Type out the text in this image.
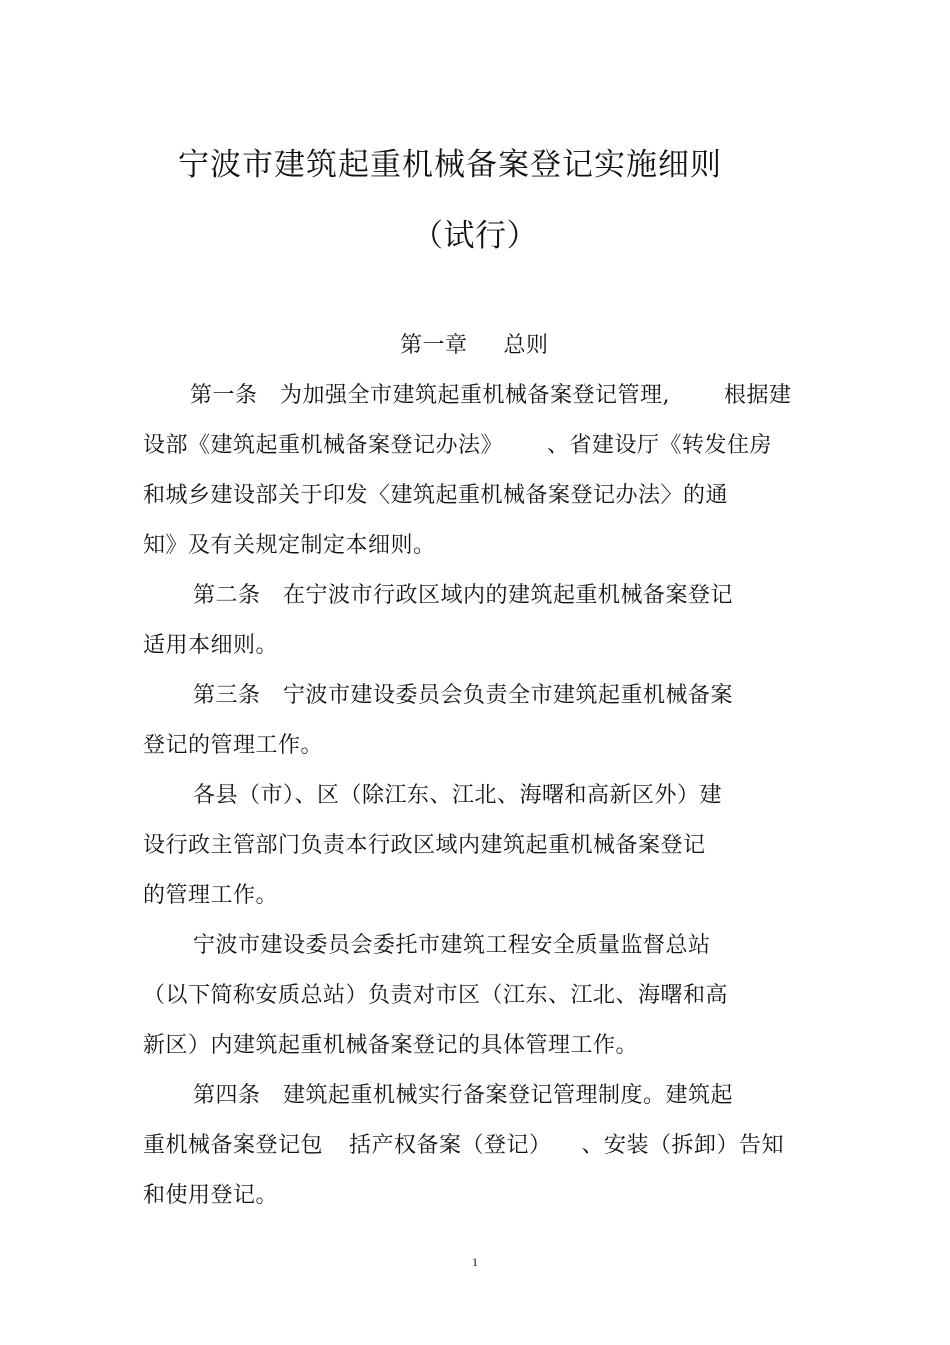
宁波市建筑起重机械备案登记实施细则
（试行）
第一章 总则
第一条　为加强全市建筑起重机械备案登记管理, 根据建
设部《建筑起重机械备案登记办法》 、省建设厅《转发住房
和城乡建设部关于印发〈建筑起重机械备案登记办法〉的通
知》及有关规定制定本细则。
第二条　在宁波市行政区域内的建筑起重机械备案登记
适用本细则。
第三条　宁波市建设委员会负责全市建筑起重机械备案
登记的管理工作。
各县（市）、区（除江东、江北、海曙和高新区外）建
设行政主管部门负责本行政区域内建筑起重机械备案登记
的管理工作。
宁波市建设委员会委托市建筑工程安全质量监督总站
（以下简称安质总站）负责对市区（江东、江北、海曙和高
新区）内建筑起重机械备案登记的具体管理工作。
第四条　建筑起重机械实行备案登记管理制度。建筑起
重机械备案登记包 括产权备案（登记） 、安装（拆卸）告知
和使用登记。
1
